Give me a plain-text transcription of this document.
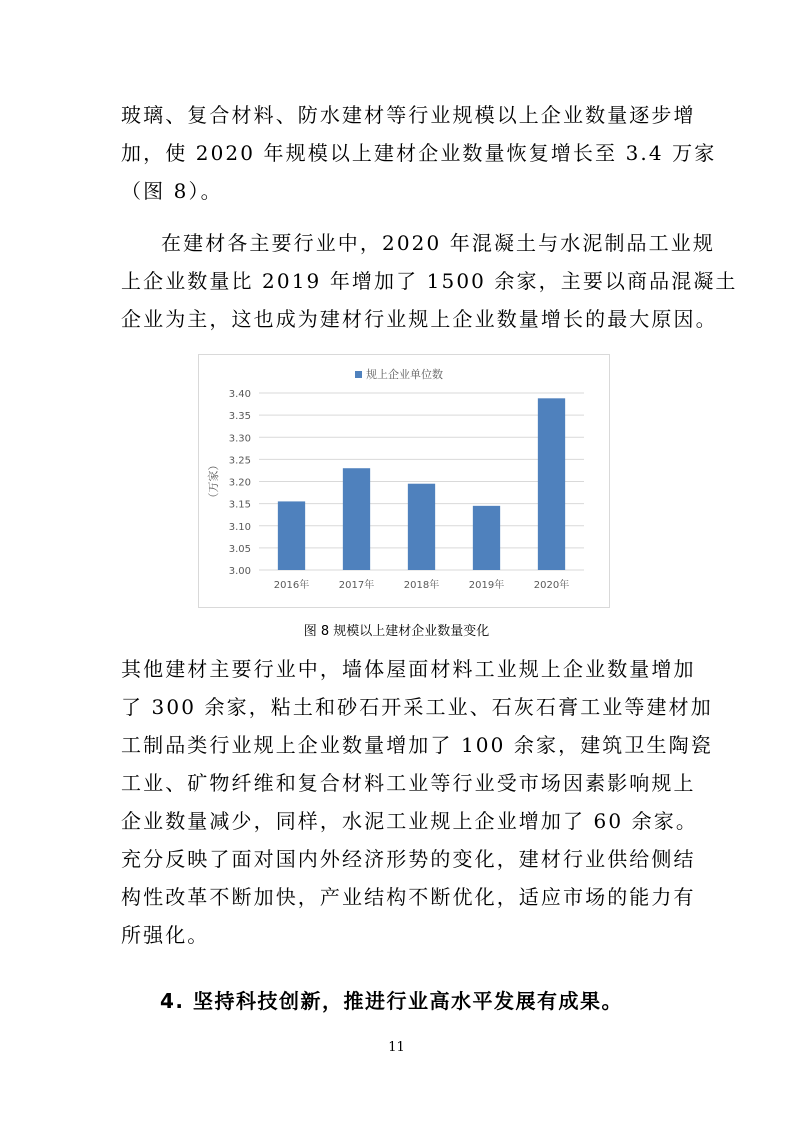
玻璃、复合材料、防水建材等行业规模以上企业数量逐步增
加，使 2020 年规模以上建材企业数量恢复增长至 3.4 万家
（图 8）。
在建材各主要行业中，2020 年混凝土与水泥制品工业规
上企业数量比 2019 年增加了 1500 余家，主要以商品混凝土
企业为主，这也成为建材行业规上企业数量增长的最大原因。
规上企业单位数
3.00
3.05
3.10
3.15
3.20
3.25
3.30
3.35
3.40
（万家）
2016年	2017年	2018年	2019年	2020年
图 8 规模以上建材企业数量变化
其他建材主要行业中，墙体屋面材料工业规上企业数量增加
了 300 余家，粘土和砂石开采工业、石灰石膏工业等建材加
工制品类行业规上企业数量增加了 100 余家，建筑卫生陶瓷
工业、矿物纤维和复合材料工业等行业受市场因素影响规上
企业数量减少，同样，水泥工业规上企业增加了 60 余家。
充分反映了面对国内外经济形势的变化，建材行业供给侧结
构性改革不断加快，产业结构不断优化，适应市场的能力有
所强化。
4. 坚持科技创新，推进行业高水平发展有成果。
11
